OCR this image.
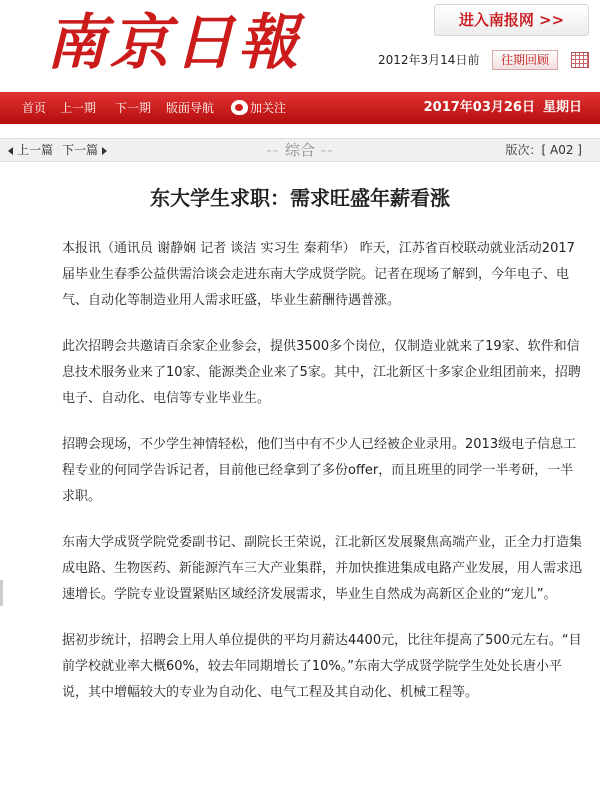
南京日報	进入南报网 >>
2012年3月14日前	往期回顾
首页 上一期 下一期 版面导航	加关注	2017年03月26日 星期日
-- 综合 --
上一篇 下一篇	版次：[ A02 ]
东大学生求职：需求旺盛年薪看涨

本报讯（通讯员 谢静娴 记者 谈洁 实习生 秦莉华） 昨天，江苏省百校联动就业活动2017届毕业生春季公益供需洽谈会走进东南大学成贤学院。记者在现场了解到，今年电子、电气、自动化等制造业用人需求旺盛，毕业生薪酬待遇普涨。

此次招聘会共邀请百余家企业参会，提供3500多个岗位，仅制造业就来了19家、软件和信息技术服务业来了10家、能源类企业来了5家。其中，江北新区十多家企业组团前来，招聘电子、自动化、电信等专业毕业生。

招聘会现场，不少学生神情轻松，他们当中有不少人已经被企业录用。2013级电子信息工程专业的何同学告诉记者，目前他已经拿到了多份offer，而且班里的同学一半考研，一半求职。

东南大学成贤学院党委副书记、副院长王荣说，江北新区发展聚焦高端产业，正全力打造集成电路、生物医药、新能源汽车三大产业集群，并加快推进集成电路产业发展，用人需求迅速增长。学院专业设置紧贴区域经济发展需求，毕业生自然成为高新区企业的“宠儿”。

据初步统计，招聘会上用人单位提供的平均月薪达4400元，比往年提高了500元左右。“目前学校就业率大概60%，较去年同期增长了10%。”东南大学成贤学院学生处处长唐小平说，其中增幅较大的专业为自动化、电气工程及其自动化、机械工程等。
